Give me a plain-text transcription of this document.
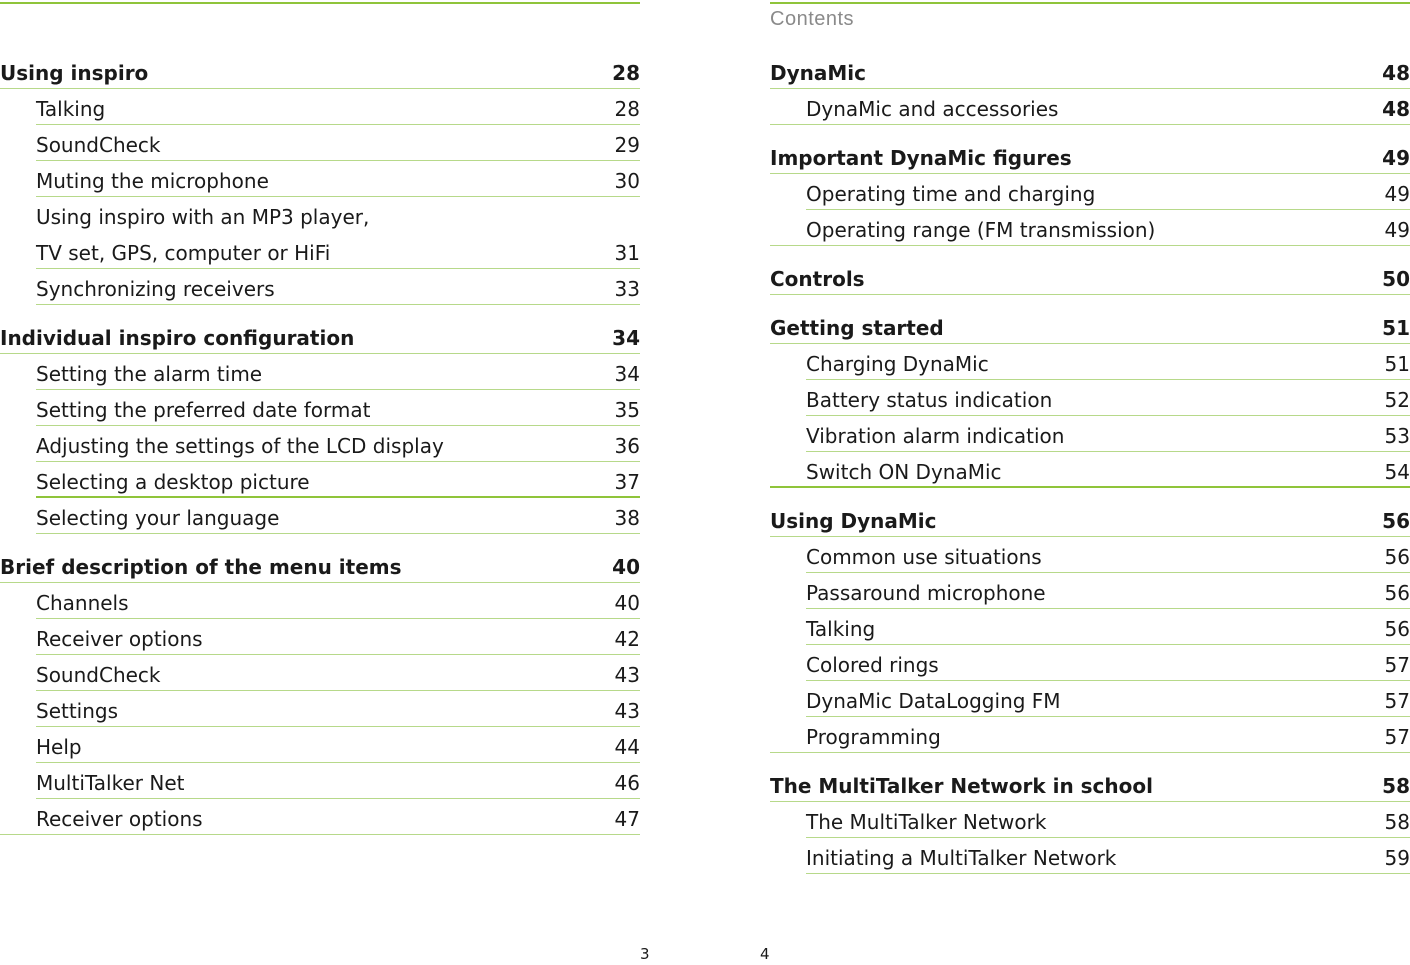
Using inspiro	28
Talking	28
SoundCheck	29
Muting the microphone	30
Using inspiro with an MP3 player,
TV set, GPS, computer or HiFi	31
Synchronizing receivers	33
Individual inspiro configuration	34
Setting the alarm time	34
Setting the preferred date format	35
Adjusting the settings of the LCD display	36
Selecting a desktop picture	37
Selecting your language	38
Brief description of the menu items	40
Channels	40
Receiver options	42
SoundCheck	43
Settings	43
Help	44
MultiTalker Net	46
Receiver options	47
3
Contents
DynaMic	48
DynaMic and accessories	48
Important DynaMic figures	49
Operating time and charging	49
Operating range (FM transmission)	49
Controls	50
Getting started	51
Charging DynaMic	51
Battery status indication	52
Vibration alarm indication	53
Switch ON DynaMic	54
Using DynaMic	56
Common use situations	56
Passaround microphone	56
Talking	56
Colored rings	57
DynaMic DataLogging FM	57
Programming	57
The MultiTalker Network in school	58
The MultiTalker Network	58
Initiating a MultiTalker Network	59
4
